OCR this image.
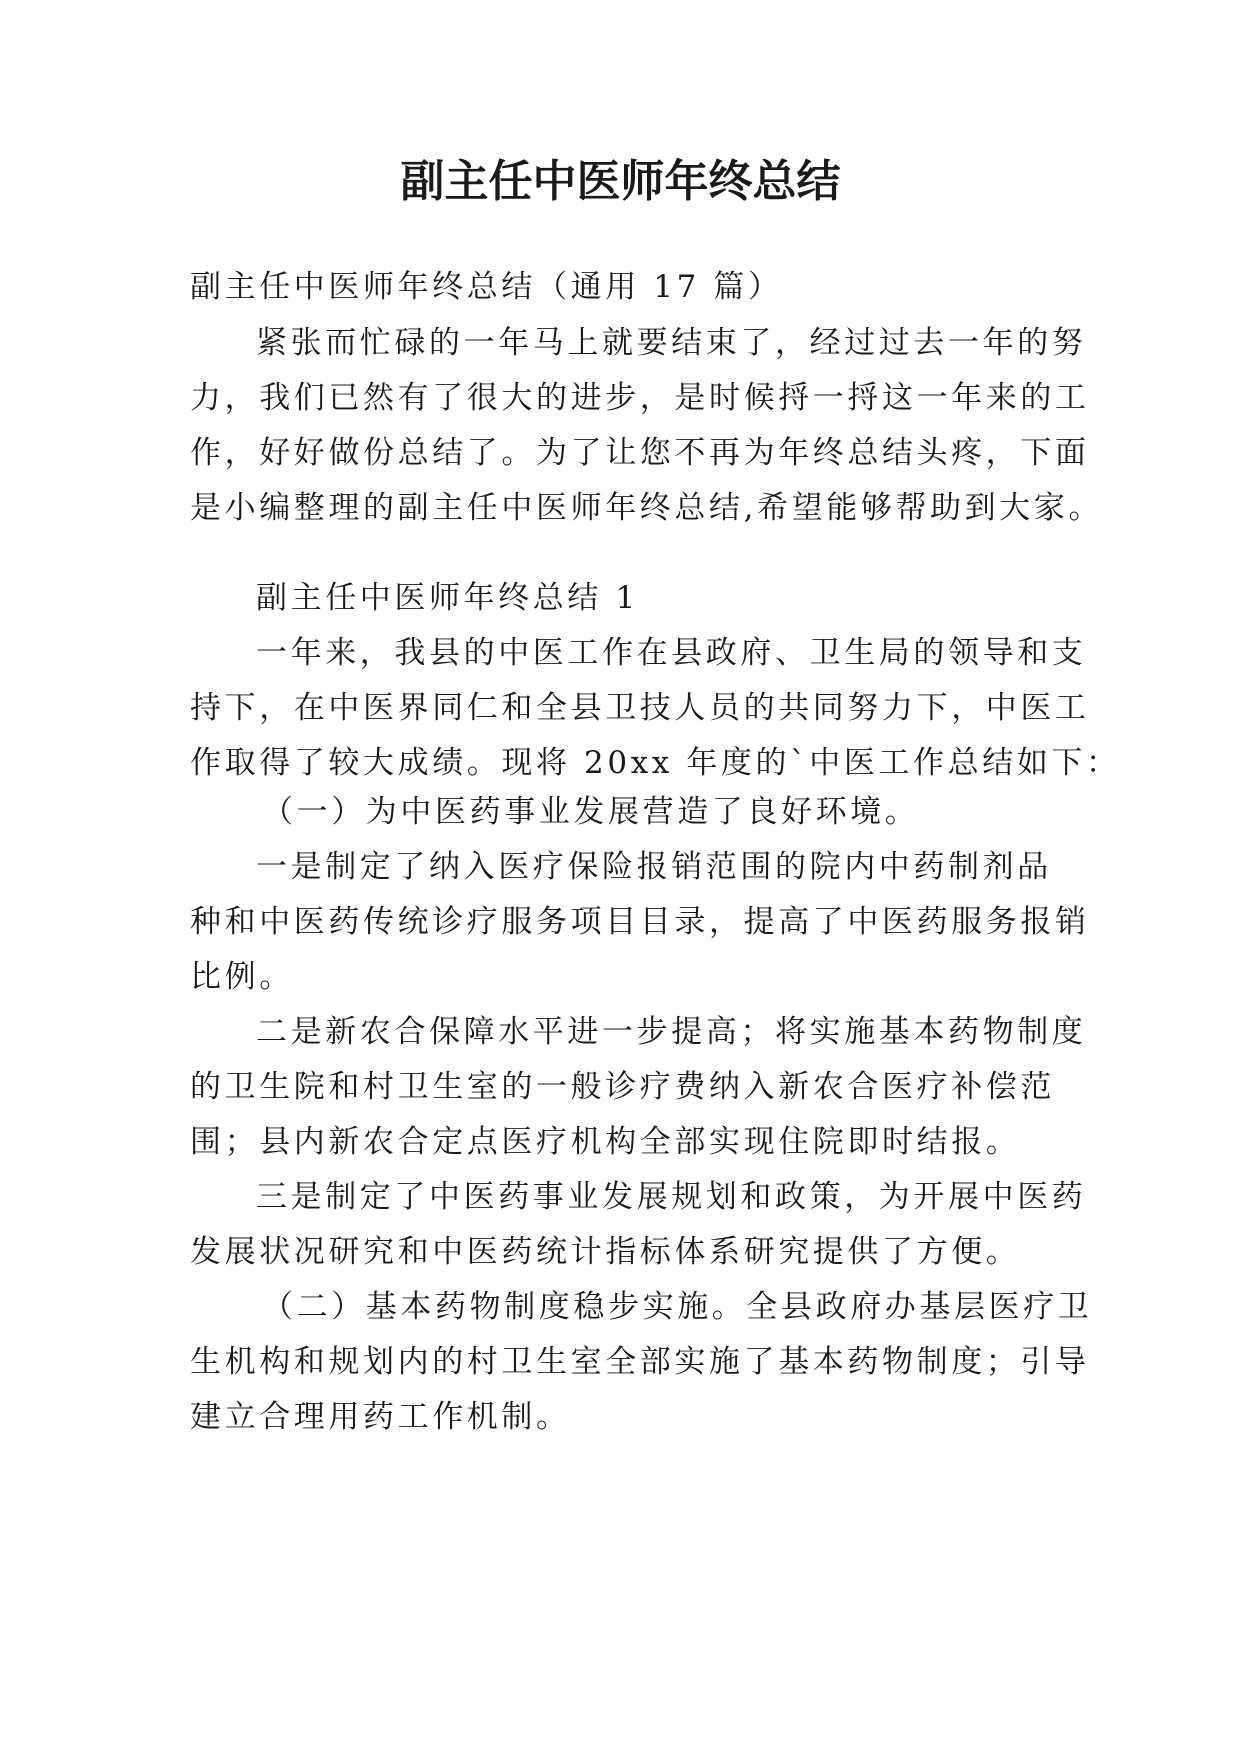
副主任中医师年终总结
副主任中医师年终总结（通用 17 篇）
紧张而忙碌的一年马上就要结束了，经过过去一年的努
力，我们已然有了很大的进步，是时候捋一捋这一年来的工
作，好好做份总结了。为了让您不再为年终总结头疼，下面
是小编整理的副主任中医师年终总结,希望能够帮助到大家。
副主任中医师年终总结 1
一年来，我县的中医工作在县政府、卫生局的领导和支
持下，在中医界同仁和全县卫技人员的共同努力下，中医工
作取得了较大成绩。现将 20xx 年度的`中医工作总结如下：
（一）为中医药事业发展营造了良好环境。
一是制定了纳入医疗保险报销范围的院内中药制剂品
种和中医药传统诊疗服务项目目录，提高了中医药服务报销
比例。
二是新农合保障水平进一步提高；将实施基本药物制度
的卫生院和村卫生室的一般诊疗费纳入新农合医疗补偿范
围；县内新农合定点医疗机构全部实现住院即时结报。
三是制定了中医药事业发展规划和政策，为开展中医药
发展状况研究和中医药统计指标体系研究提供了方便。
（二）基本药物制度稳步实施。全县政府办基层医疗卫
生机构和规划内的村卫生室全部实施了基本药物制度；引导
建立合理用药工作机制。
